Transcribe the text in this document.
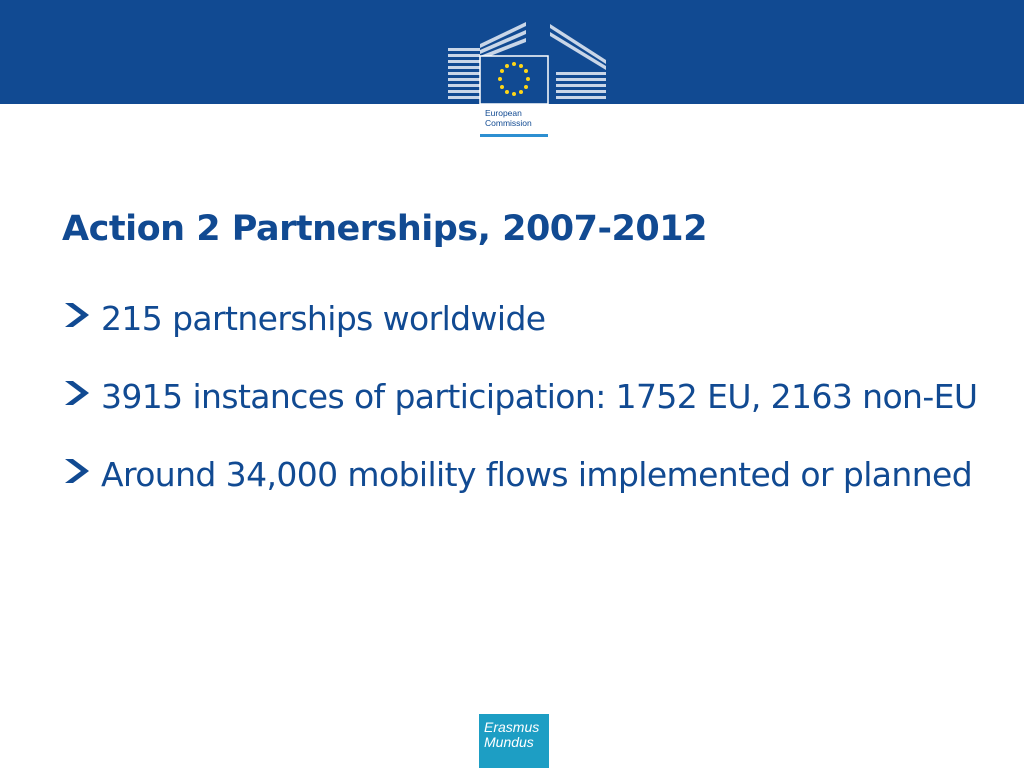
European
Commission
Action 2 Partnerships, 2007-2012
215 partnerships worldwide
3915 instances of participation: 1752 EU, 2163 non-EU
Around 34,000 mobility flows implemented or planned
Erasmus
Mundus
